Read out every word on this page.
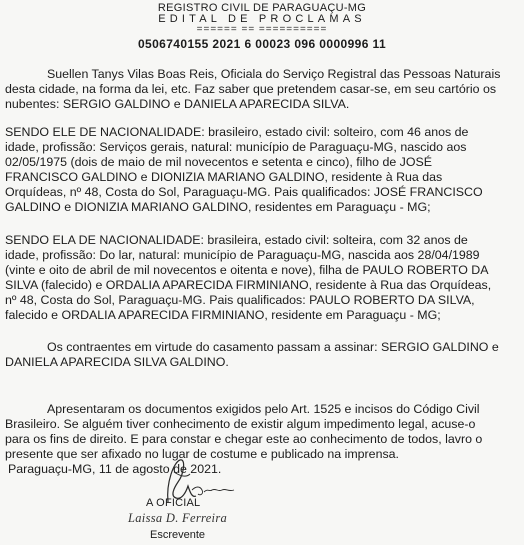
REGISTRO CIVIL DE PARAGUAÇU-MG
EDITAL DE PROCLAMAS
====== == ==========
0506740155 2021 6 00023 096 0000996 11
Suellen Tanys Vilas Boas Reis, Oficiala do Serviço Registral das Pessoas Naturais
desta cidade, na forma da lei, etc. Faz saber que pretendem casar-se, em seu cartório os
nubentes: SERGIO GALDINO e DANIELA APARECIDA SILVA.
SENDO ELE DE NACIONALIDADE: brasileiro, estado civil: solteiro, com 46 anos de
idade, profissão: Serviços gerais, natural: município de Paraguaçu-MG, nascido aos
02/05/1975 (dois de maio de mil novecentos e setenta e cinco), filho de JOSÉ
FRANCISCO GALDINO e DIONIZIA MARIANO GALDINO, residente à Rua das
Orquídeas, nº 48, Costa do Sol, Paraguaçu-MG. Pais qualificados: JOSÉ FRANCISCO
GALDINO e DIONIZIA MARIANO GALDINO, residentes em Paraguaçu - MG;
SENDO ELA DE NACIONALIDADE: brasileira, estado civil: solteira, com 32 anos de
idade, profissão: Do lar, natural: município de Paraguaçu-MG, nascida aos 28/04/1989
(vinte e oito de abril de mil novecentos e oitenta e nove), filha de PAULO ROBERTO DA
SILVA (falecido) e ORDALIA APARECIDA FIRMINIANO, residente à Rua das Orquídeas,
nº 48, Costa do Sol, Paraguaçu-MG. Pais qualificados: PAULO ROBERTO DA SILVA,
falecido e ORDALIA APARECIDA FIRMINIANO, residente em Paraguaçu - MG;
Os contraentes em virtude do casamento passam a assinar: SERGIO GALDINO e
DANIELA APARECIDA SILVA GALDINO.
Apresentaram os documentos exigidos pelo Art. 1525 e incisos do Código Civil
Brasileiro. Se alguém tiver conhecimento de existir algum impedimento legal, acuse-o
para os fins de direito. E para constar e chegar este ao conhecimento de todos, lavro o
presente que ser afixado no lugar de costume e publicado na imprensa.
Paraguaçu-MG, 11 de agosto de 2021.
A OFICIAL
Laissa D. Ferreira
Escrevente
